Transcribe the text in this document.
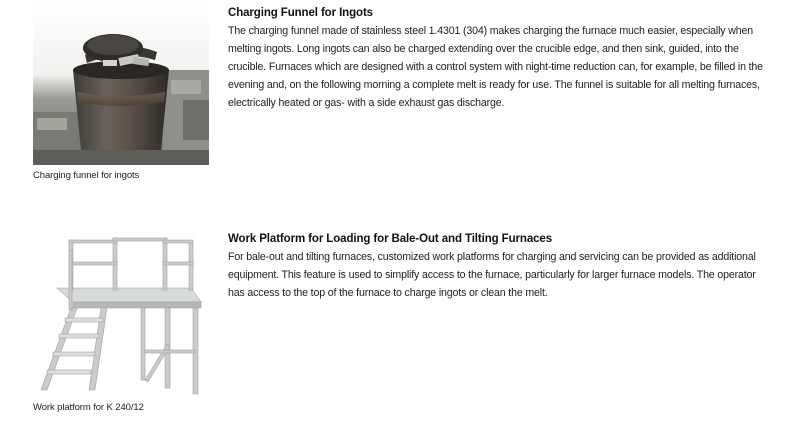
Charging funnel for ingots
Charging Funnel for Ingots

The charging funnel made of stainless steel 1.4301 (304) makes charging the furnace much easier, especially when melting ingots. Long ingots can also be charged extending over the crucible edge, and then sink, guided, into the crucible. Furnaces which are designed with a control system with night-time reduction can, for example, be filled in the evening and, on the following morning a complete melt is ready for use. The funnel is suitable for all melting furnaces, electrically heated or gas- with a side exhaust gas discharge.

Work platform for K 240/12
Work Platform for Loading for Bale-Out and Tilting Furnaces

For bale-out and tilting furnaces, customized work platforms for charging and servicing can be provided as additional equipment. This feature is used to simplify access to the furnace, particularly for larger furnace models. The operator has access to the top of the furnace to charge ingots or clean the melt.
